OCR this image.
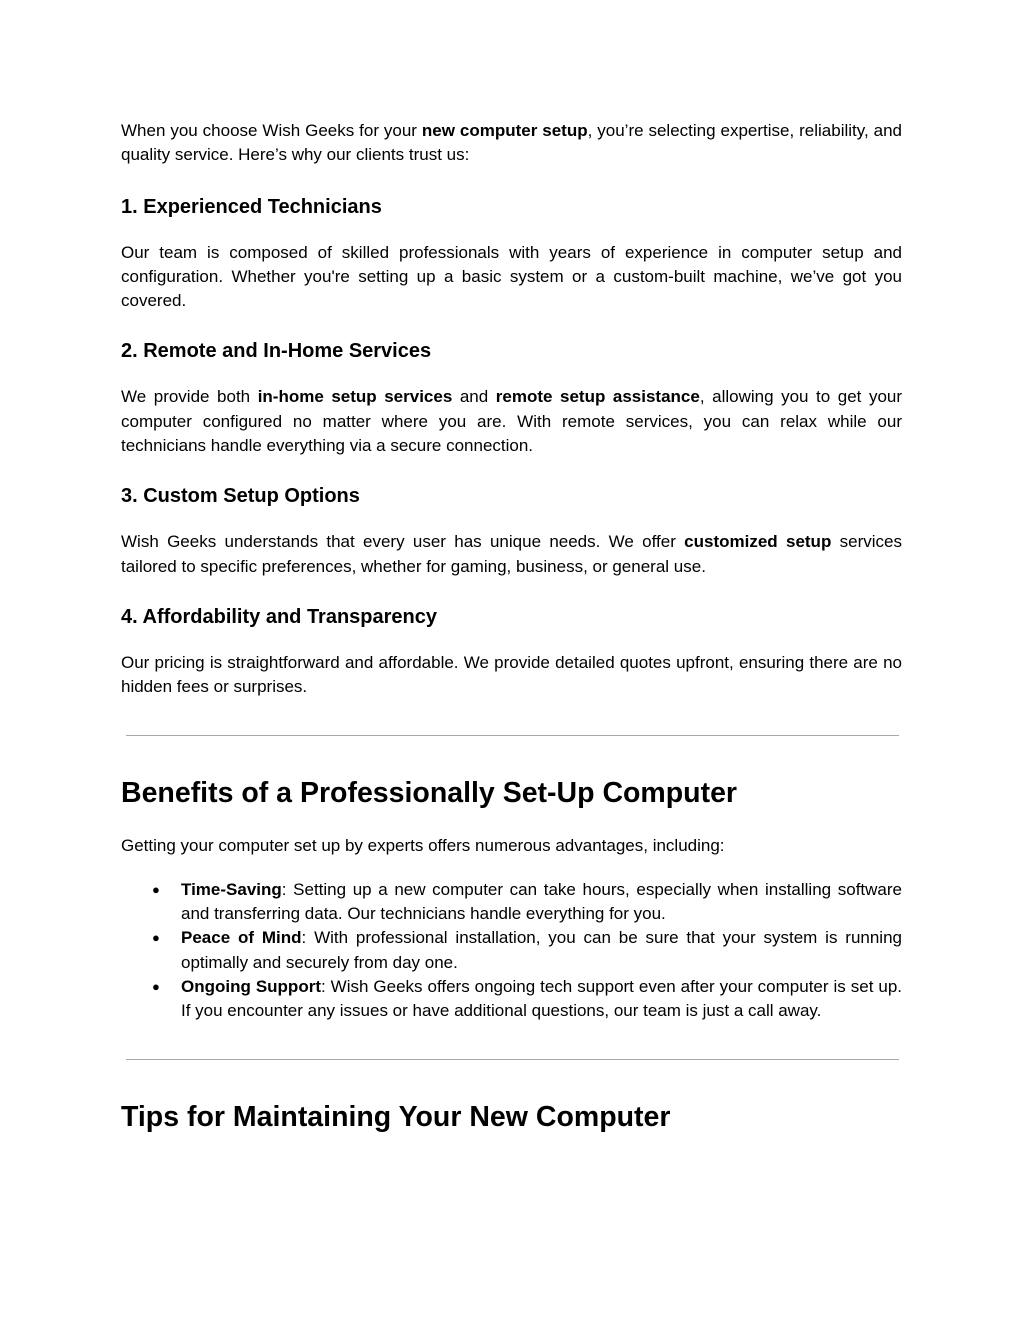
When you choose Wish Geeks for your new computer setup, you’re selecting expertise, reliability, and quality service. Here’s why our clients trust us:

1. Experienced Technicians

Our team is composed of skilled professionals with years of experience in computer setup and configuration. Whether you're setting up a basic system or a custom-built machine, we’ve got you covered.

2. Remote and In-Home Services

We provide both in-home setup services and remote setup assistance, allowing you to get your computer configured no matter where you are. With remote services, you can relax while our technicians handle everything via a secure connection.

3. Custom Setup Options

Wish Geeks understands that every user has unique needs. We offer customized setup services tailored to specific preferences, whether for gaming, business, or general use.

4. Affordability and Transparency

Our pricing is straightforward and affordable. We provide detailed quotes upfront, ensuring there are no hidden fees or surprises.

Benefits of a Professionally Set-Up Computer

Getting your computer set up by experts offers numerous advantages, including:

● Time-Saving: Setting up a new computer can take hours, especially when installing software and transferring data. Our technicians handle everything for you.
● Peace of Mind: With professional installation, you can be sure that your system is running optimally and securely from day one.
● Ongoing Support: Wish Geeks offers ongoing tech support even after your computer is set up. If you encounter any issues or have additional questions, our team is just a call away.
Tips for Maintaining Your New Computer
